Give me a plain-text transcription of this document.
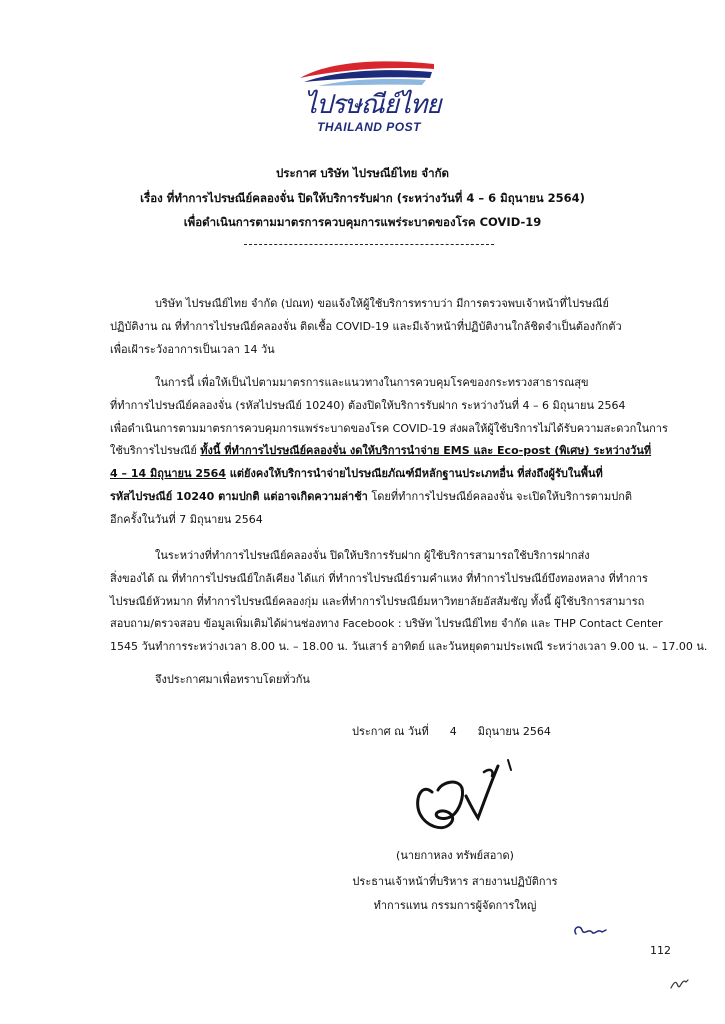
ไปรษณีย์ไทย
THAILAND POST
ประกาศ บริษัท ไปรษณีย์ไทย จำกัด
เรื่อง ที่ทำการไปรษณีย์คลองจั่น ปิดให้บริการรับฝาก (ระหว่างวันที่ 4 – 6 มิถุนายน 2564)
เพื่อดำเนินการตามมาตรการควบคุมการแพร่ระบาดของโรค COVID-19
บริษัท ไปรษณีย์ไทย จำกัด (ปณท) ขอแจ้งให้ผู้ใช้บริการทราบว่า มีการตรวจพบเจ้าหน้าที่ไปรษณีย์
ปฏิบัติงาน ณ ที่ทำการไปรษณีย์คลองจั่น ติดเชื้อ COVID-19 และมีเจ้าหน้าที่ปฏิบัติงานใกล้ชิดจำเป็นต้องกักตัว
เพื่อเฝ้าระวังอาการเป็นเวลา 14 วัน
ในการนี้ เพื่อให้เป็นไปตามมาตรการและแนวทางในการควบคุมโรคของกระทรวงสาธารณสุข
ที่ทำการไปรษณีย์คลองจั่น (รหัสไปรษณีย์ 10240) ต้องปิดให้บริการรับฝาก ระหว่างวันที่ 4 – 6 มิถุนายน 2564
เพื่อดำเนินการตามมาตรการควบคุมการแพร่ระบาดของโรค COVID-19 ส่งผลให้ผู้ใช้บริการไม่ได้รับความสะดวกในการ
ใช้บริการไปรษณีย์ ทั้งนี้ ที่ทำการไปรษณีย์คลองจั่น งดให้บริการนำจ่าย EMS และ Eco-post (พิเศษ) ระหว่างวันที่
4 – 14 มิถุนายน 2564 แต่ยังคงให้บริการนำจ่ายไปรษณียภัณฑ์มีหลักฐานประเภทอื่น ที่ส่งถึงผู้รับในพื้นที่
รหัสไปรษณีย์ 10240 ตามปกติ แต่อาจเกิดความล่าช้า โดยที่ทำการไปรษณีย์คลองจั่น จะเปิดให้บริการตามปกติ
อีกครั้งในวันที่ 7 มิถุนายน 2564
ในระหว่างที่ทำการไปรษณีย์คลองจั่น ปิดให้บริการรับฝาก ผู้ใช้บริการสามารถใช้บริการฝากส่ง
สิ่งของได้ ณ ที่ทำการไปรษณีย์ใกล้เคียง ได้แก่ ที่ทำการไปรษณีย์รามคำแหง ที่ทำการไปรษณีย์บึงทองหลาง ที่ทำการ
ไปรษณีย์หัวหมาก ที่ทำการไปรษณีย์คลองกุ่ม และที่ทำการไปรษณีย์มหาวิทยาลัยอัสสัมชัญ ทั้งนี้ ผู้ใช้บริการสามารถ
สอบถาม/ตรวจสอบ ข้อมูลเพิ่มเติมได้ผ่านช่องทาง Facebook : บริษัท ไปรษณีย์ไทย จำกัด และ THP Contact Center
1545 วันทำการระหว่างเวลา 8.00 น. – 18.00 น. วันเสาร์ อาทิตย์ และวันหยุดตามประเพณี ระหว่างเวลา 9.00 น. – 17.00 น.
จึงประกาศมาเพื่อทราบโดยทั่วกัน
ประกาศ ณ วันที่ 4 มิถุนายน 2564
(นายกาหลง ทรัพย์สอาด)
ประธานเจ้าหน้าที่บริหาร สายงานปฏิบัติการ
ทำการแทน กรรมการผู้จัดการใหญ่
112
